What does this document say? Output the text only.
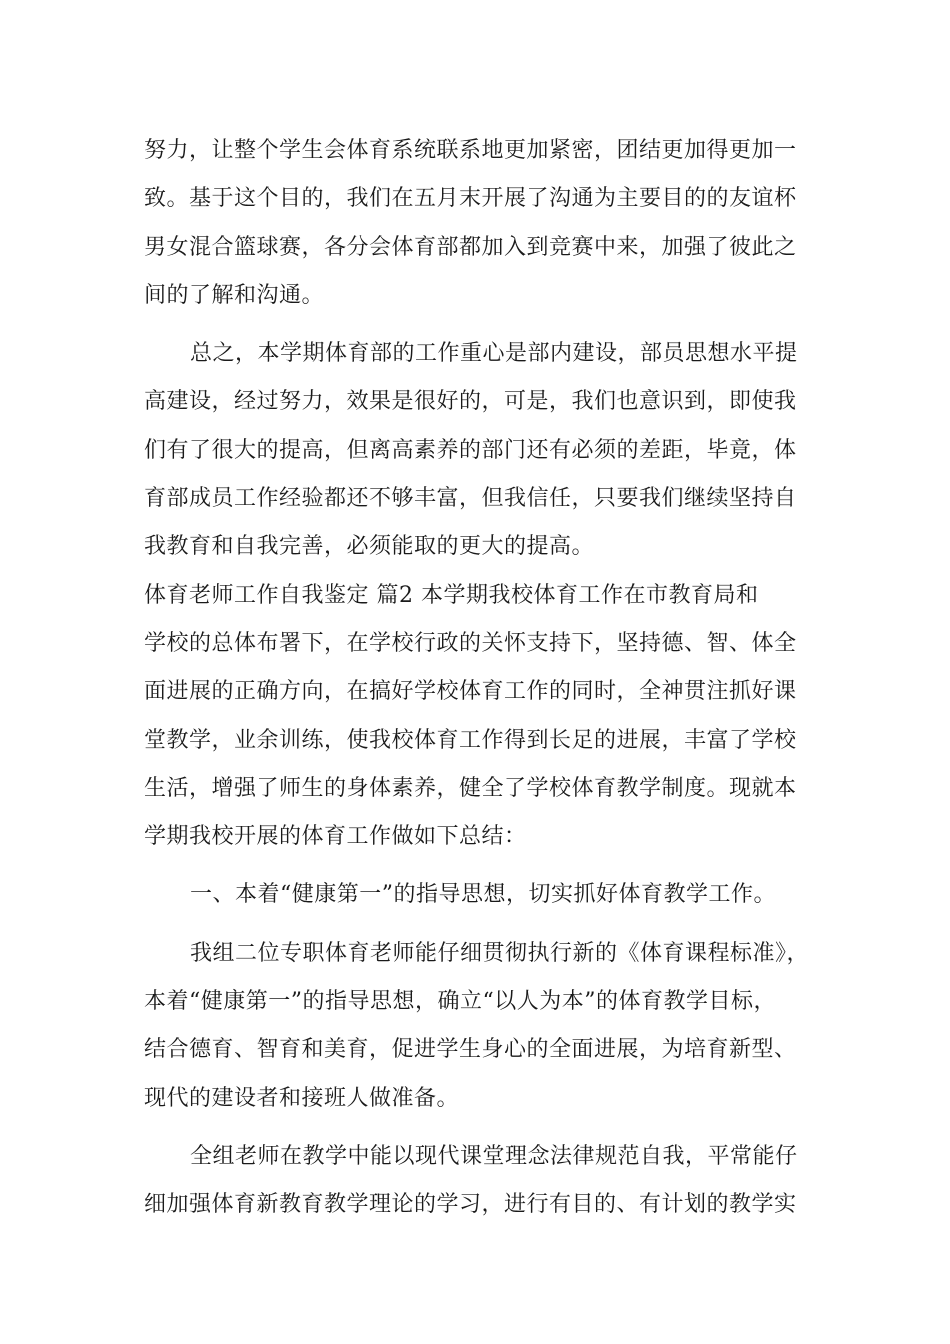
努力，让整个学生会体育系统联系地更加紧密，团结更加得更加一
致。基于这个目的，我们在五月末开展了沟通为主要目的的友谊杯
男女混合篮球赛，各分会体育部都加入到竞赛中来，加强了彼此之
间的了解和沟通。
总之，本学期体育部的工作重心是部内建设，部员思想水平提
高建设，经过努力，效果是很好的，可是，我们也意识到，即使我
们有了很大的提高，但离高素养的部门还有必须的差距，毕竟，体
育部成员工作经验都还不够丰富，但我信任，只要我们继续坚持自
我教育和自我完善，必须能取的更大的提高。
体育老师工作自我鉴定 篇2 本学期我校体育工作在市教育局和
学校的总体布署下，在学校行政的关怀支持下，坚持德、智、体全
面进展的正确方向，在搞好学校体育工作的同时，全神贯注抓好课
堂教学，业余训练，使我校体育工作得到长足的进展，丰富了学校
生活，增强了师生的身体素养，健全了学校体育教学制度。现就本
学期我校开展的体育工作做如下总结：
一、本着“健康第一”的指导思想，切实抓好体育教学工作。
我组二位专职体育老师能仔细贯彻执行新的《体育课程标准》，
本着“健康第一”的指导思想，确立“以人为本”的体育教学目标，
结合德育、智育和美育，促进学生身心的全面进展，为培育新型、
现代的建设者和接班人做准备。
全组老师在教学中能以现代课堂理念法律规范自我，平常能仔
细加强体育新教育教学理论的学习，进行有目的、有计划的教学实
